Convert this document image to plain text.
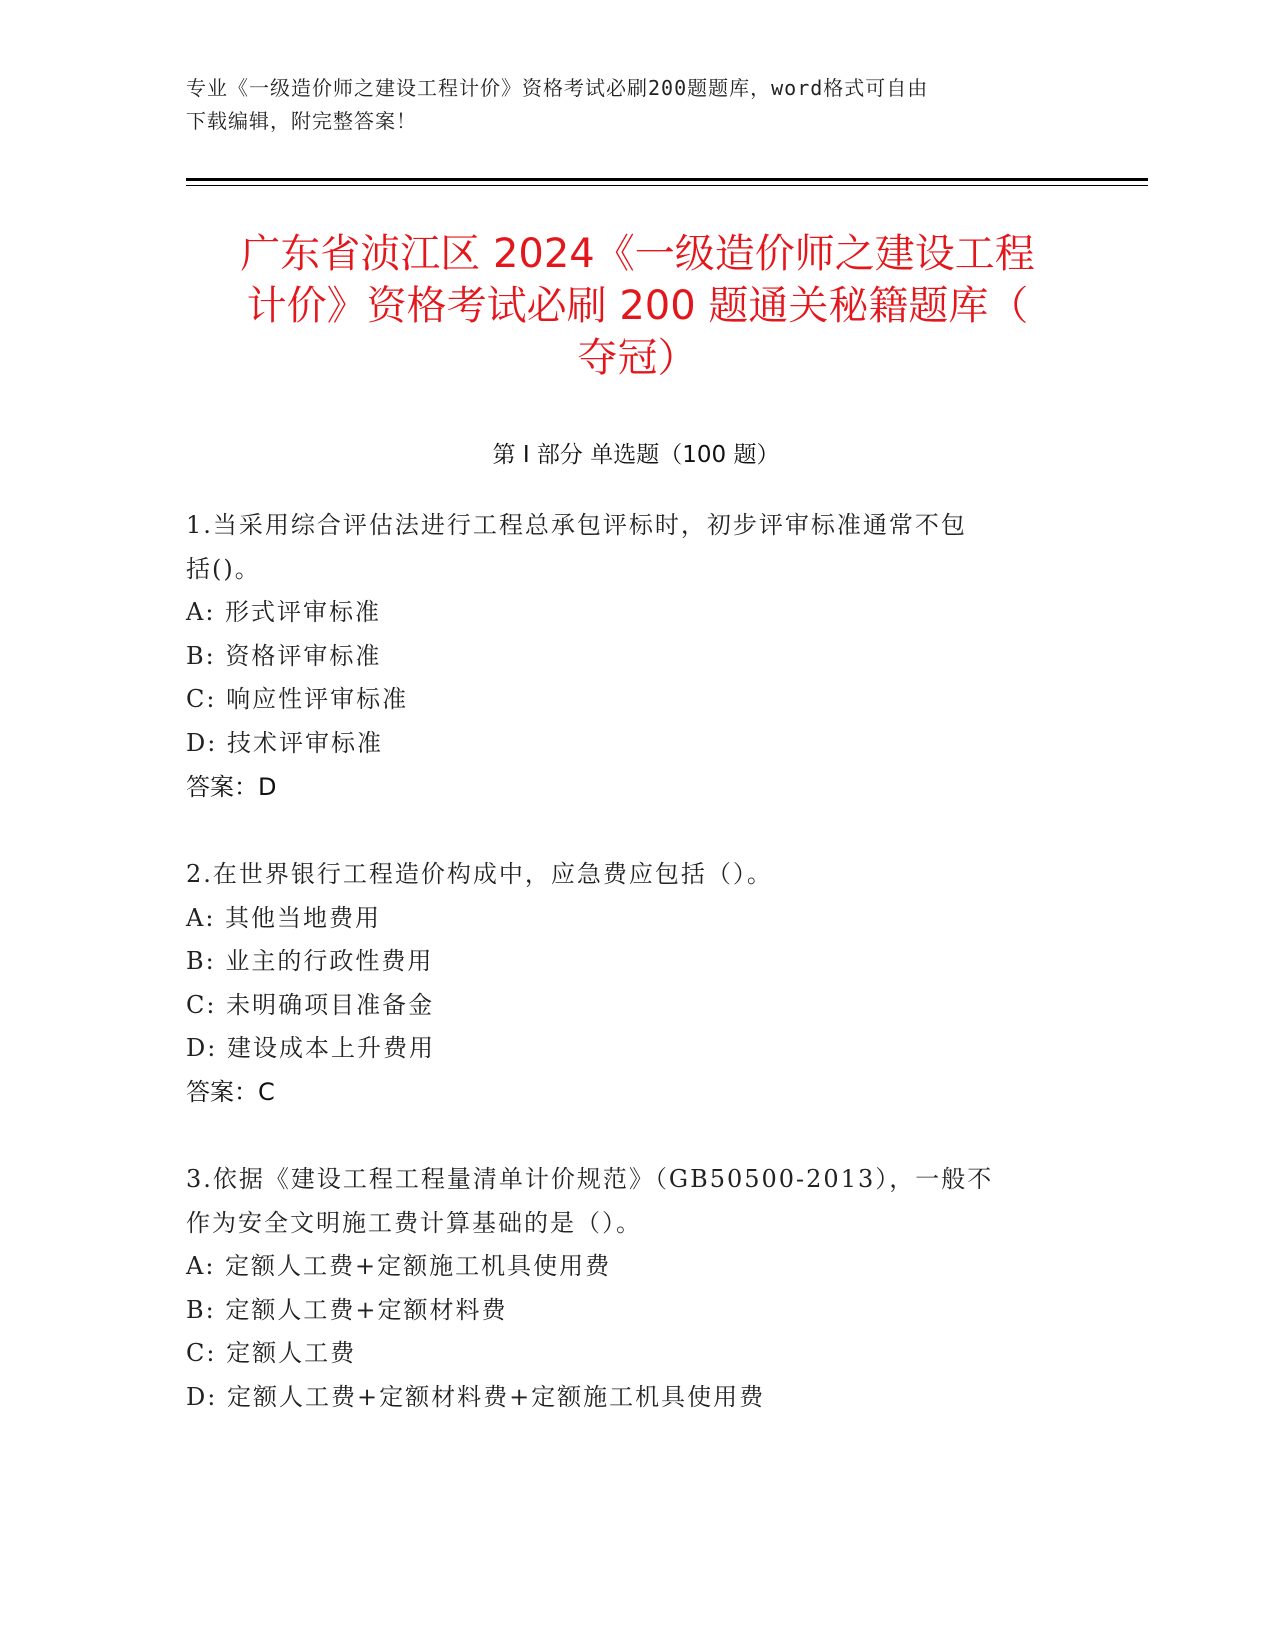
专业《一级造价师之建设工程计价》资格考试必刷200题题库，word格式可自由
下载编辑，附完整答案！
广东省浈江区 2024《一级造价师之建设工程
计价》资格考试必刷 200 题通关秘籍题库（
夺冠）
第 I 部分 单选题（100 题）
1.当采用综合评估法进行工程总承包评标时，初步评审标准通常不包
括()。
A: 形式评审标准
B: 资格评审标准
C: 响应性评审标准
D: 技术评审标准
答案：D
2.在世界银行工程造价构成中，应急费应包括（）。
A: 其他当地费用
B: 业主的行政性费用
C: 未明确项目准备金
D: 建设成本上升费用
答案：C
3.依据《建设工程工程量清单计价规范》（GB50500-2013），一般不
作为安全文明施工费计算基础的是（）。
A: 定额人工费+定额施工机具使用费
B: 定额人工费+定额材料费
C: 定额人工费
D: 定额人工费+定额材料费+定额施工机具使用费
